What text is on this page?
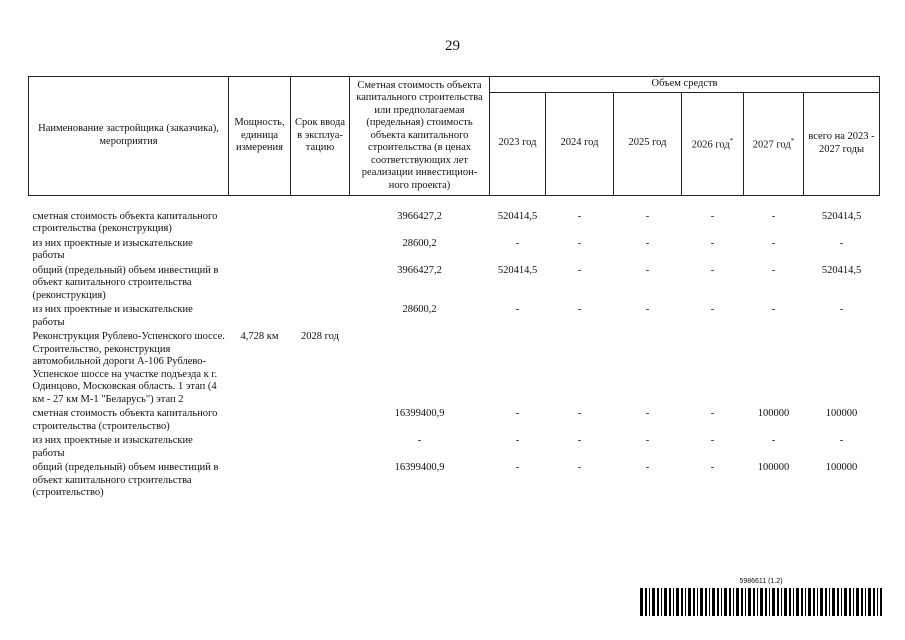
29
Наименование застройщика (заказчика), мероприятия	Мощность, единица измерения	Срок ввода в эксплуа-тацию	Сметная стоимость объекта капитального строительства или предполагаемая (предельная) стоимость объекта капитального строительства (в ценах соответствующих лет реализации инвестицион-ного проекта)	Объем средств					
				2023 год	2024 год	2025 год	2026 год*	2027 год*	всего на 2023 - 2027 годы

сметная стоимость объекта капитального строительства (реконструкция)			3966427,2	520414,5	-	-	-	-	520414,5
из них проектные и изыскательские работы			28600,2	-	-	-	-	-	-
общий (предельный) объем инвестиций в объект капитального строительства (реконструкция)			3966427,2	520414,5	-	-	-	-	520414,5
из них проектные и изыскательские работы			28600,2	-	-	-	-	-	-
Реконструкция Рублево-Успенского шоссе. Строительство, реконструкция автомобильной дороги А-106 Рублево-Успенское шоссе на участке подъезда к г. Одинцово, Московская область. 1 этап (4 км - 27 км М-1 "Беларусь") этап 2	4,728 км	2028 год							
сметная стоимость объекта капитального строительства (строительство)			16399400,9	-	-	-	-	100000	100000
из них проектные и изыскательские работы			-	-	-	-	-	-	-
общий (предельный) объем инвестиций в объект капитального строительства (строительство)			16399400,9	-	-	-	-	100000	100000
5986611 (1.2)
